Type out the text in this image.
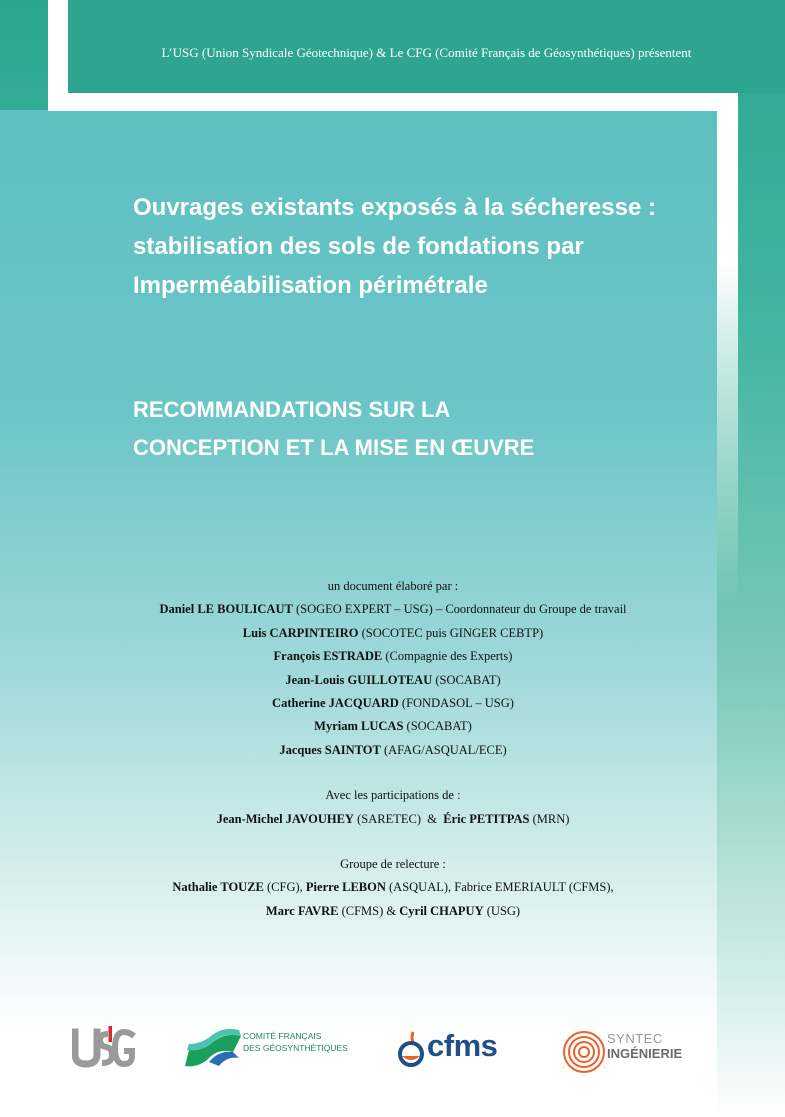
L’USG (Union Syndicale Géotechnique) & Le CFG (Comité Français de Géosynthétiques) présentent
Ouvrages existants exposés à la sécheresse :
stabilisation des sols de fondations par
Imperméabilisation périmétrale
RECOMMANDATIONS SUR LA
CONCEPTION ET LA MISE EN ŒUVRE
un document élaboré par :
Daniel LE BOULICAUT (SOGEO EXPERT – USG) – Coordonnateur du Groupe de travail
Luis CARPINTEIRO (SOCOTEC puis GINGER CEBTP)
François ESTRADE (Compagnie des Experts)
Jean-Louis GUILLOTEAU (SOCABAT)
Catherine JACQUARD (FONDASOL – USG)
Myriam LUCAS (SOCABAT)
Jacques SAINTOT (AFAG/ASQUAL/ECE)
Avec les participations de :
Jean-Michel JAVOUHEY (SARETEC) & Éric PETITPAS (MRN)
Groupe de relecture :
Nathalie TOUZE (CFG), Pierre LEBON (ASQUAL), Fabrice EMERIAULT (CFMS),
Marc FAVRE (CFMS) & Cyril CHAPUY (USG)
COMITÉ FRANÇAIS
DES GÉOSYNTHÉTIQUES	cfms	SYNTEC
INGÉNIERIE
